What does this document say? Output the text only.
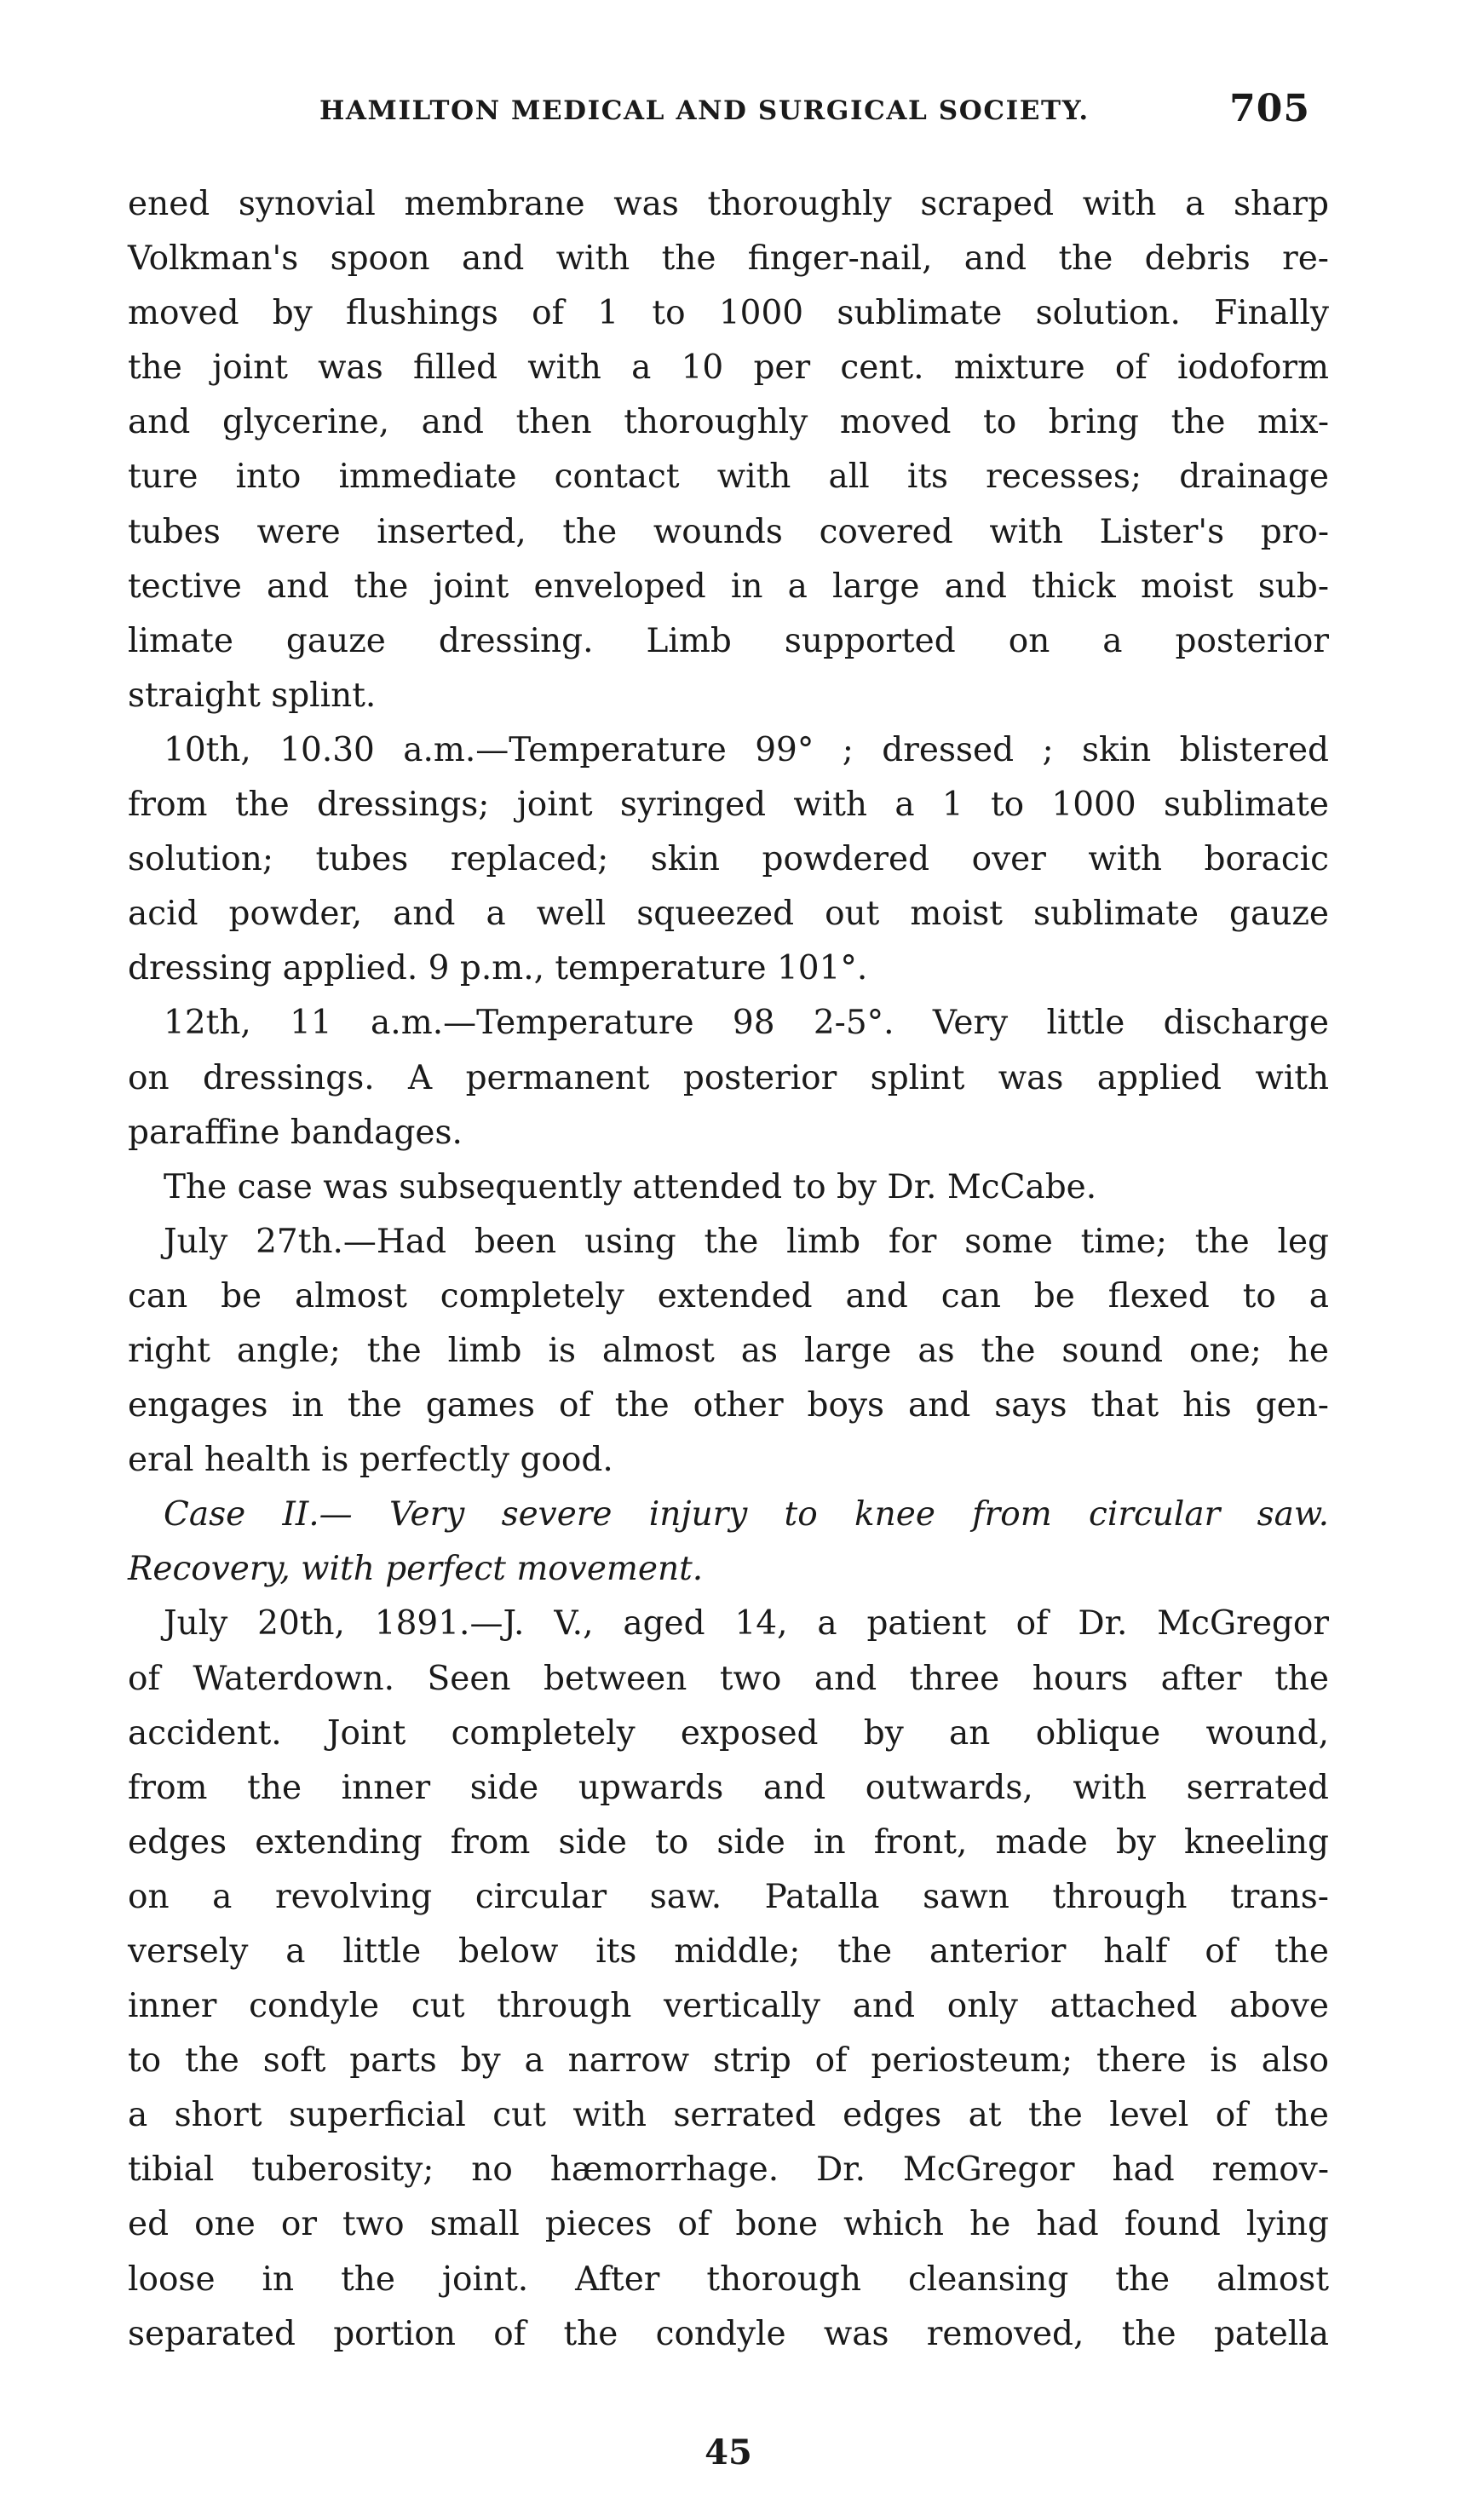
HAMILTON MEDICAL AND SURGICAL SOCIETY.	705
ened synovial membrane was thoroughly scraped with a sharp
Volkman's spoon and with the finger-nail, and the debris re-
moved by flushings of 1 to 1000 sublimate solution. Finally
the joint was filled with a 10 per cent. mixture of iodoform
and glycerine, and then thoroughly moved to bring the mix-
ture into immediate contact with all its recesses; drainage
tubes were inserted, the wounds covered with Lister's pro-
tective and the joint enveloped in a large and thick moist sub-
limate gauze dressing. Limb supported on a posterior
straight splint.
10th, 10.30 a.m.—Temperature 99° ; dressed ; skin blistered
from the dressings; joint syringed with a 1 to 1000 sublimate
solution; tubes replaced; skin powdered over with boracic
acid powder, and a well squeezed out moist sublimate gauze
dressing applied. 9 p.m., temperature 101°.
12th, 11 a.m.—Temperature 98 2-5°. Very little discharge
on dressings. A permanent posterior splint was applied with
paraffine bandages.
The case was subsequently attended to by Dr. McCabe.
July 27th.—Had been using the limb for some time; the leg
can be almost completely extended and can be flexed to a
right angle; the limb is almost as large as the sound one; he
engages in the games of the other boys and says that his gen-
eral health is perfectly good.
Case II.— Very severe injury to knee from circular saw.
Recovery, with perfect movement.
July 20th, 1891.—J. V., aged 14, a patient of Dr. McGregor
of Waterdown. Seen between two and three hours after the
accident. Joint completely exposed by an oblique wound,
from the inner side upwards and outwards, with serrated
edges extending from side to side in front, made by kneeling
on a revolving circular saw. Patalla sawn through trans-
versely a little below its middle; the anterior half of the
inner condyle cut through vertically and only attached above
to the soft parts by a narrow strip of periosteum; there is also
a short superficial cut with serrated edges at the level of the
tibial tuberosity; no hæmorrhage. Dr. McGregor had remov-
ed one or two small pieces of bone which he had found lying
loose in the joint. After thorough cleansing the almost
separated portion of the condyle was removed, the patella
45
